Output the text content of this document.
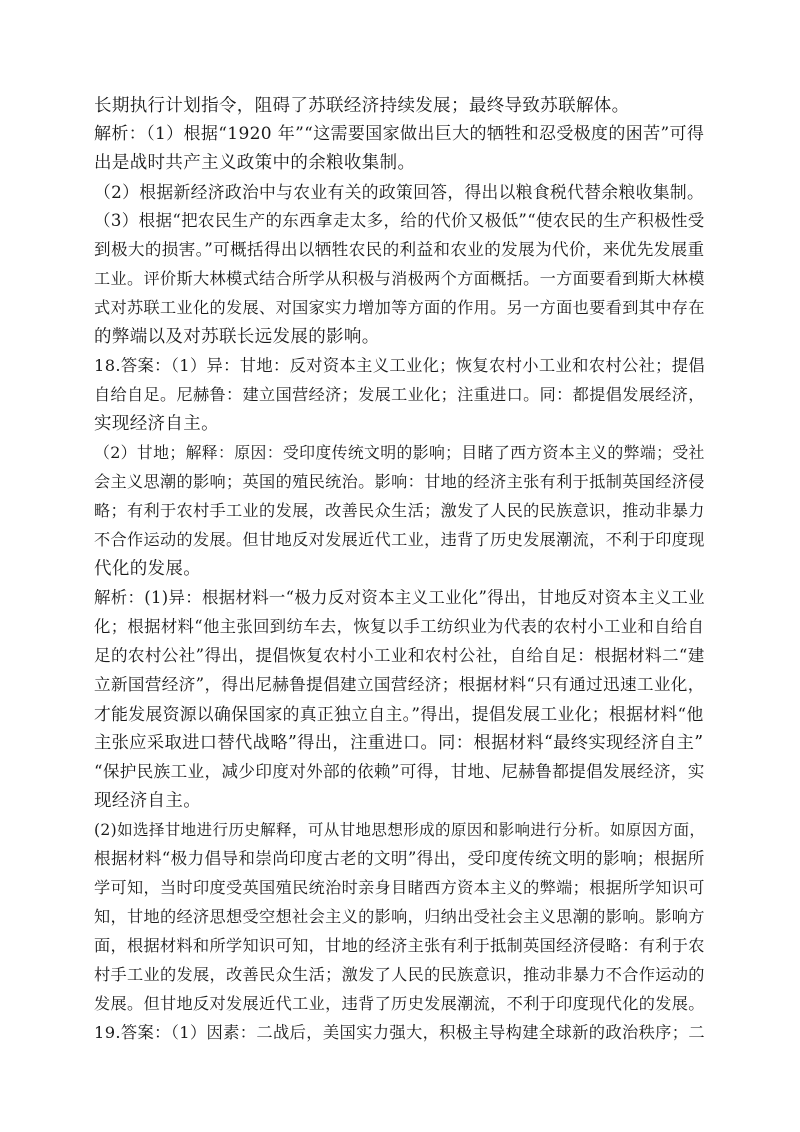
长期执行计划指令，阻碍了苏联经济持续发展；最终导致苏联解体。

解析：（1）根据“1920 年”“这需要国家做出巨大的牺牲和忍受极度的困苦”可得

出是战时共产主义政策中的余粮收集制。

（2）根据新经济政治中与农业有关的政策回答，得出以粮食税代替余粮收集制。

（3）根据“把农民生产的东西拿走太多，给的代价又极低”“使农民的生产积极性受

到极大的损害。”可概括得出以牺牲农民的利益和农业的发展为代价，来优先发展重

工业。评价斯大林模式结合所学从积极与消极两个方面概括。一方面要看到斯大林模

式对苏联工业化的发展、对国家实力增加等方面的作用。另一方面也要看到其中存在

的弊端以及对苏联长远发展的影响。

18.答案：（1）异：甘地：反对资本主义工业化；恢复农村小工业和农村公社；提倡

自给自足。尼赫鲁：建立国营经济；发展工业化；注重进口。同：都提倡发展经济，

实现经济自主。

（2）甘地；解释：原因：受印度传统文明的影响；目睹了西方资本主义的弊端；受社

会主义思潮的影响；英国的殖民统治。影响：甘地的经济主张有利于抵制英国经济侵

略；有利于农村手工业的发展，改善民众生活；激发了人民的民族意识，推动非暴力

不合作运动的发展。但甘地反对发展近代工业，违背了历史发展潮流，不利于印度现

代化的发展。

解析：(1)异：根据材料一“极力反对资本主义工业化”得出，甘地反对资本主义工业

化；根据材料“他主张回到纺车去，恢复以手工纺织业为代表的农村小工业和自给自

足的农村公社”得出，提倡恢复农村小工业和农村公社，自给自足：根据材料二“建

立新国营经济”，得出尼赫鲁提倡建立国营经济；根据材料“只有通过迅速工业化，

才能发展资源以确保国家的真正独立自主。”得出，提倡发展工业化；根据材料“他

主张应采取进口替代战略”得出，注重进口。同：根据材料“最终实现经济自主”

“保护民族工业，减少印度对外部的依赖”可得，甘地、尼赫鲁都提倡发展经济，实

现经济自主。

(2)如选择甘地进行历史解释，可从甘地思想形成的原因和影响进行分析。如原因方面，

根据材料“极力倡导和崇尚印度古老的文明”得出，受印度传统文明的影响；根据所

学可知，当时印度受英国殖民统治时亲身目睹西方资本主义的弊端；根据所学知识可

知，甘地的经济思想受空想社会主义的影响，归纳出受社会主义思潮的影响。影响方

面，根据材料和所学知识可知，甘地的经济主张有利于抵制英国经济侵略：有利于农

村手工业的发展，改善民众生活；激发了人民的民族意识，推动非暴力不合作运动的

发展。但甘地反对发展近代工业，违背了历史发展潮流，不利于印度现代化的发展。

19.答案：（1）因素：二战后，美国实力强大，积极主导构建全球新的政治秩序；二
